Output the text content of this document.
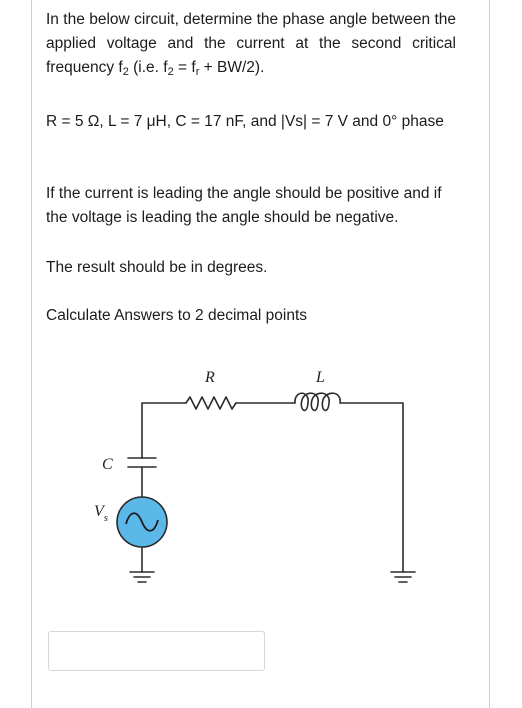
In the below circuit, determine the phase angle between the applied voltage and the current at the second critical frequency $f_2$ (i.e. $f_2 = f_r + BW/2$).

R = 5 Ω, L = 7 μH, C = 17 nF, and |Vs| = 7 V and 0° phase

If the current is leading the angle should be positive and if the voltage is leading the angle should be negative.

The result should be in degrees.

Calculate Answers to 2 decimal points

R	L
C
$V_s$
